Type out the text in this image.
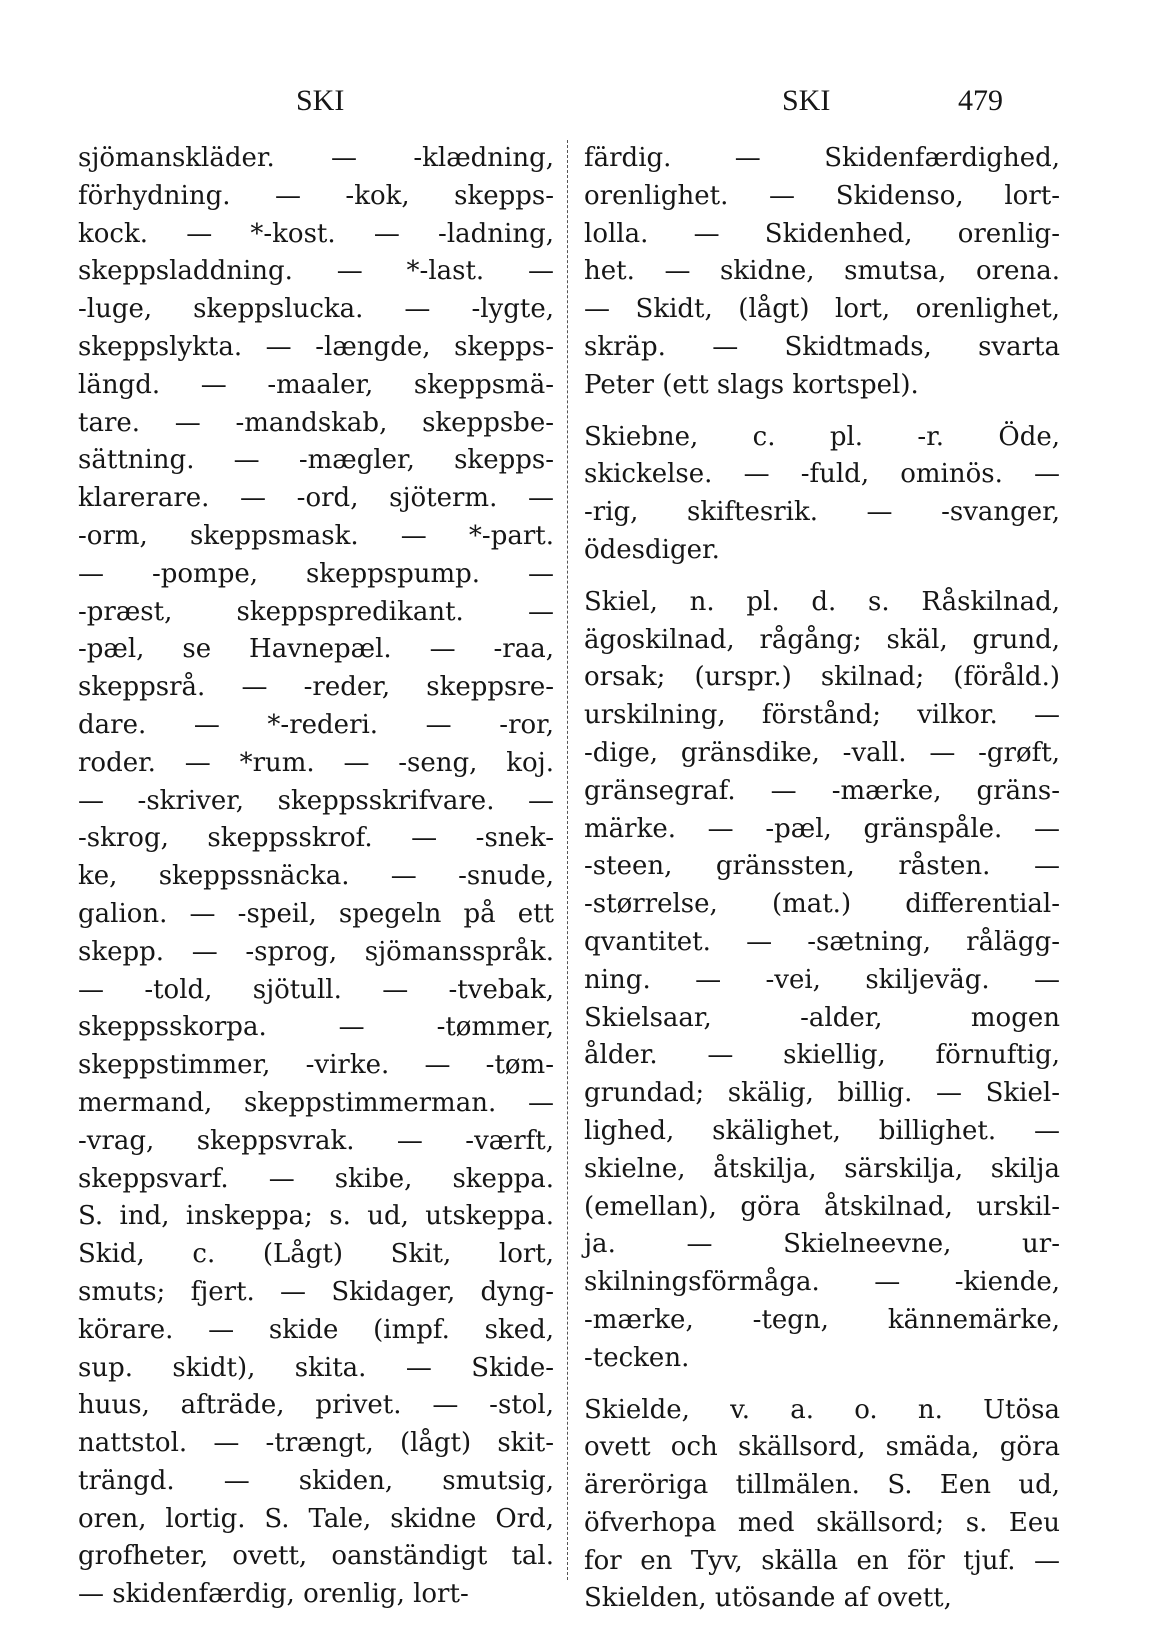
SKI	SKI	479
sjömanskläder. — -klædning,
förhydning. — -kok, skepps-
kock. — *-kost. — -ladning,
skeppsladdning. — *-last. —
-luge, skeppslucka. — -lygte,
skeppslykta. — -længde, skepps-
längd. — -maaler, skeppsmä-
tare. — -mandskab, skeppsbe-
sättning. — -mægler, skepps-
klarerare. — -ord, sjöterm. —
-orm, skeppsmask. — *-part.
— -pompe, skeppspump. —
-præst, skeppspredikant. —
-pæl, se Havnepæl. — -raa,
skeppsrå. — -reder, skeppsre-
dare. — *-rederi. — -ror,
roder. — *rum. — -seng, koj.
— -skriver, skeppsskrifvare. —
-skrog, skeppsskrof. — -snek-
ke, skeppssnäcka. — -snude,
galion. — -speil, spegeln på ett
skepp. — -sprog, sjömansspråk.
— -told, sjötull. — -tvebak,
skeppsskorpa. — -tømmer,
skeppstimmer, -virke. — -tøm-
mermand, skeppstimmerman. —
-vrag, skeppsvrak. — -værft,
skeppsvarf. — skibe, skeppa.
S. ind, inskeppa; s. ud, utskeppa.
Skid, c. (Lågt) Skit, lort,
smuts; fjert. — Skidager, dyng-
körare. — skide (impf. sked,
sup. skidt), skita. — Skide-
huus, afträde, privet. — -stol,
nattstol. — -trængt, (lågt) skit-
trängd. — skiden, smutsig,
oren, lortig. S. Tale, skidne Ord,
grofheter, ovett, oanständigt tal.
— skidenfærdig, orenlig, lort-
färdig. — Skidenfærdighed,
orenlighet. — Skidenso, lort-
lolla. — Skidenhed, orenlig-
het. — skidne, smutsa, orena.
— Skidt, (lågt) lort, orenlighet,
skräp. — Skidtmads, svarta
Peter (ett slags kortspel).
Skiebne, c. pl. -r. Öde,
skickelse. — -fuld, ominös. —
-rig, skiftesrik. — -svanger,
ödesdiger.
Skiel, n. pl. d. s. Råskilnad,
ägoskilnad, rågång; skäl, grund,
orsak; (urspr.) skilnad; (föråld.)
urskilning, förstånd; vilkor. —
-dige, gränsdike, -vall. — -grøft,
gränsegraf. — -mærke, gräns-
märke. — -pæl, gränspåle. —
-steen, gränssten, råsten. —
-størrelse, (mat.) differential-
qvantitet. — -sætning, rålägg-
ning. — -vei, skiljeväg. —
Skielsaar, -alder, mogen
ålder. — skiellig, förnuftig,
grundad; skälig, billig. — Skiel-
lighed, skälighet, billighet. —
skielne, åtskilja, särskilja, skilja
(emellan), göra åtskilnad, urskil-
ja. — Skielneevne, ur-
skilningsförmåga. — -kiende,
-mærke, -tegn, kännemärke,
-tecken.
Skielde, v. a. o. n. Utösa
ovett och skällsord, smäda, göra
äreröriga tillmälen. S. Een ud,
öfverhopa med skällsord; s. Eeu
for en Tyv, skälla en för tjuf. —
Skielden, utösande af ovett,
